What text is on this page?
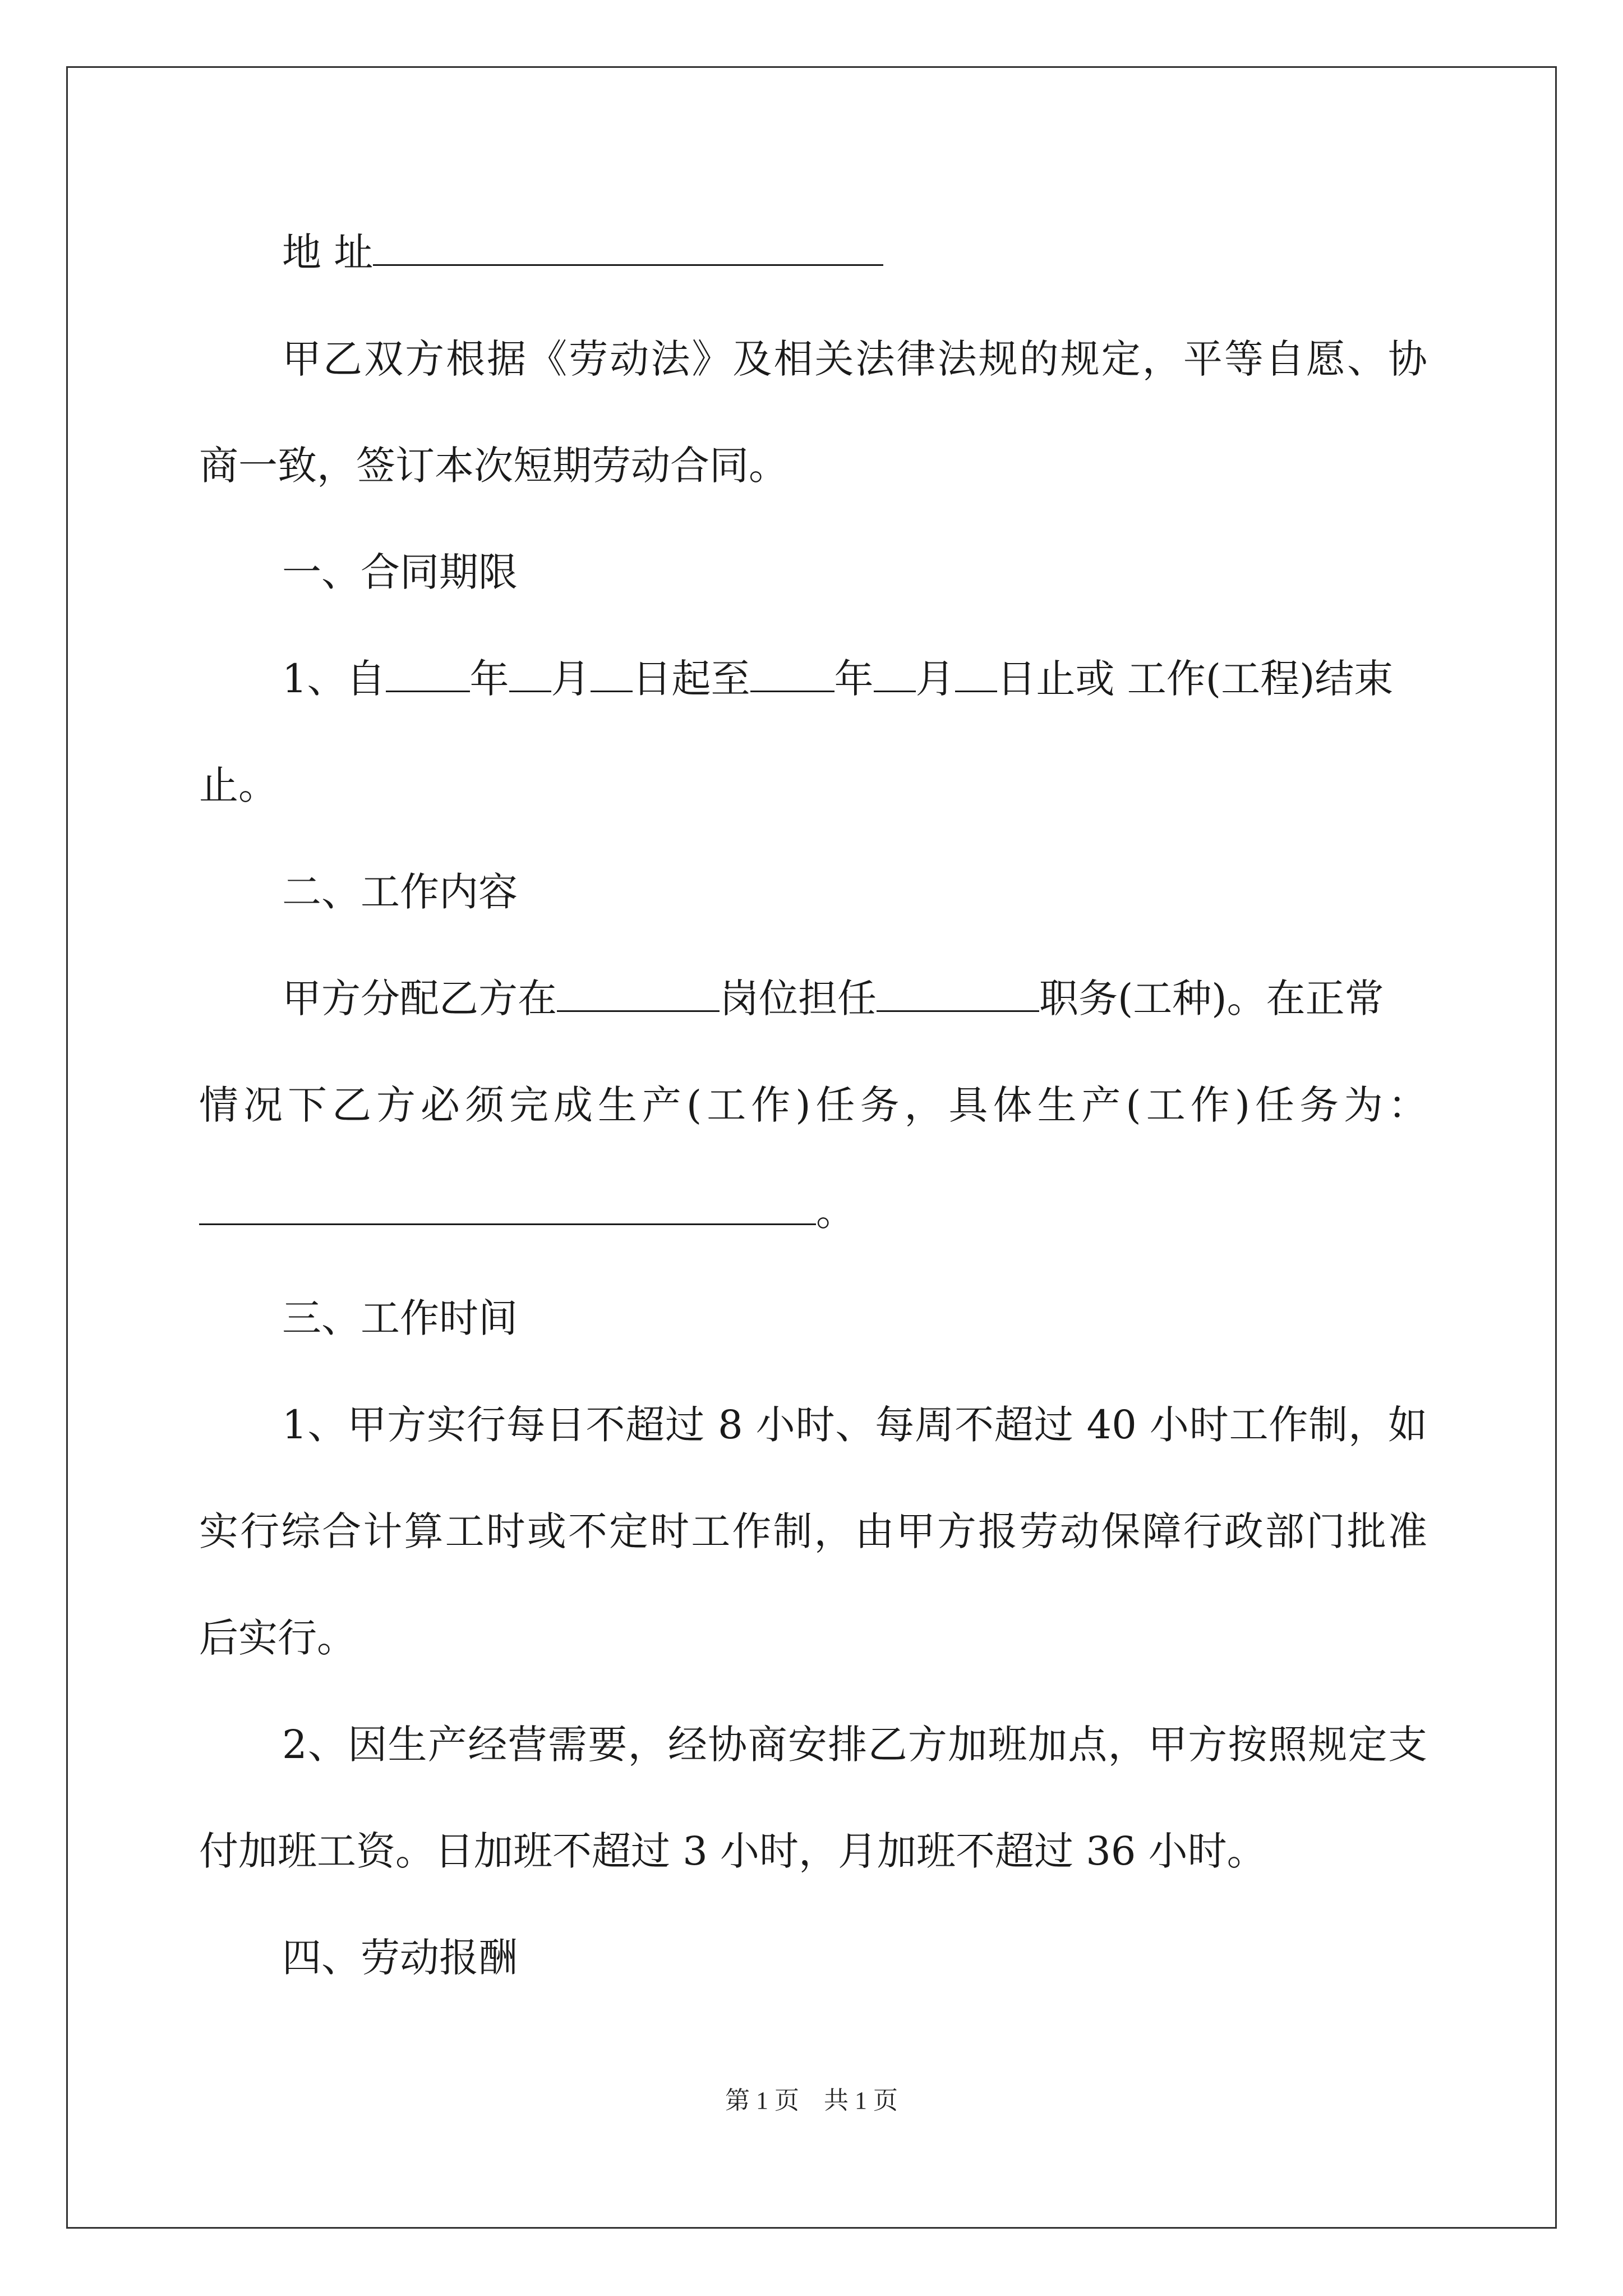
地 址
甲乙双方根据《劳动法》及相关法律法规的规定，平等自愿、协
商一致，签订本次短期劳动合同。
一、合同期限
1、自 年 月 日起至 年 月 日止或 工作(工程)结束
止。
二、工作内容
甲方分配乙方在	岗位担任	职务(工种)。在正常
情况下乙方必须完成生产(工作)任务，具体生产(工作)任务为：
。
三、工作时间
1、甲方实行每日不超过 8 小时、每周不超过 40 小时工作制，如
实行综合计算工时或不定时工作制，由甲方报劳动保障行政部门批准
后实行。
2、因生产经营需要，经协商安排乙方加班加点，甲方按照规定支
付加班工资。日加班不超过 3 小时，月加班不超过 36 小时。
四、劳动报酬
第 1 页    共 1 页
